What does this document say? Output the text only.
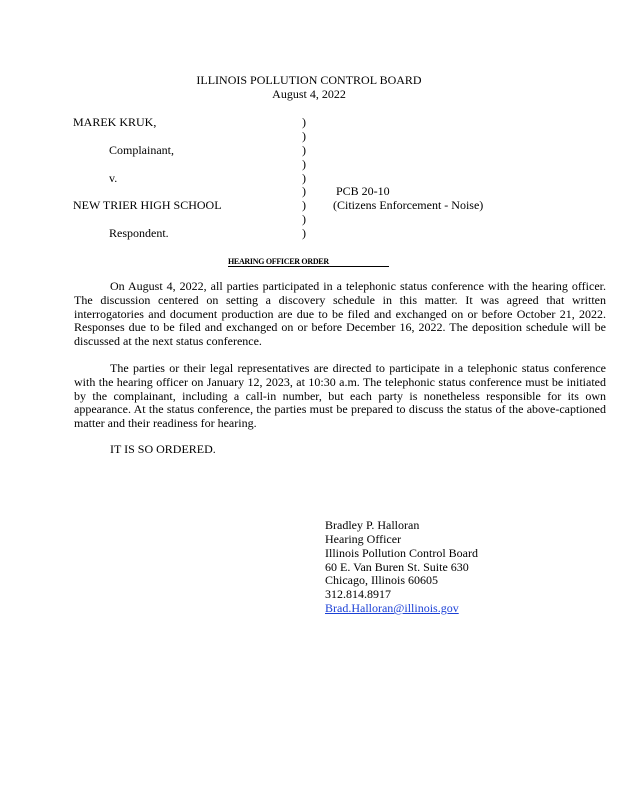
ILLINOIS POLLUTION CONTROL BOARD
August 4, 2022
MAREK KRUK,
Complainant,
v.
NEW TRIER HIGH SCHOOL
Respondent.
PCB 20-10
(Citizens Enforcement - Noise)
)
)
)
)
)
)
)
)
)
HEARING OFFICER ORDER
On August 4, 2022, all parties participated in a telephonic status conference with the hearing officer. The discussion centered on setting a discovery schedule in this matter. It was agreed that written interrogatories and document production are due to be filed and exchanged on or before October 21, 2022. Responses due to be filed and exchanged on or before December 16, 2022. The deposition schedule will be discussed at the next status conference.
The parties or their legal representatives are directed to participate in a telephonic status conference with the hearing officer on January 12, 2023, at 10:30 a.m. The telephonic status conference must be initiated by the complainant, including a call-in number, but each party is nonetheless responsible for its own appearance. At the status conference, the parties must be prepared to discuss the status of the above-captioned matter and their readiness for hearing.
IT IS SO ORDERED.
Bradley P. Halloran
Hearing Officer
Illinois Pollution Control Board
60 E. Van Buren St. Suite 630
Chicago, Illinois 60605
312.814.8917
Brad.Halloran@illinois.gov
